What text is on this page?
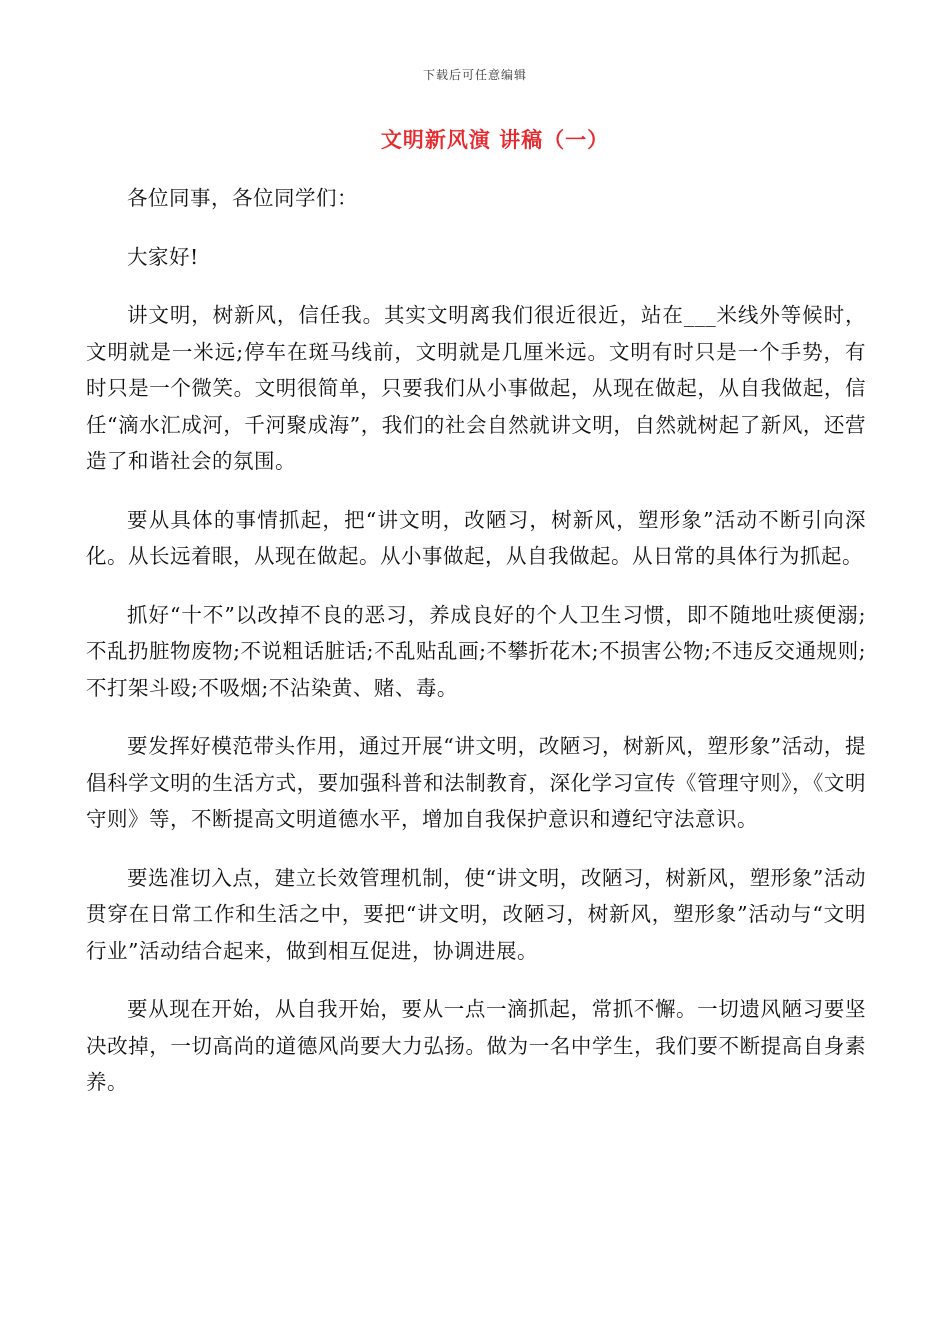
下载后可任意编辑
文明新风演 讲稿（一）

各位同事，各位同学们：

大家好!

讲文明，树新风，信任我。其实文明离我们很近很近，站在___米线外等候时，文明就是一米远;停车在斑马线前，文明就是几厘米远。文明有时只是一个手势，有时只是一个微笑。文明很简单，只要我们从小事做起，从现在做起，从自我做起，信任“滴水汇成河，千河聚成海”，我们的社会自然就讲文明，自然就树起了新风，还营造了和谐社会的氛围。

要从具体的事情抓起，把“讲文明，改陋习，树新风，塑形象”活动不断引向深化。从长远着眼，从现在做起。从小事做起，从自我做起。从日常的具体行为抓起。

抓好“十不”以改掉不良的恶习，养成良好的个人卫生习惯，即不随地吐痰便溺;不乱扔脏物废物;不说粗话脏话;不乱贴乱画;不攀折花木;不损害公物;不违反交通规则;不打架斗殴;不吸烟;不沾染黄、赌、毒。

要发挥好模范带头作用，通过开展“讲文明，改陋习，树新风，塑形象”活动，提倡科学文明的生活方式，要加强科普和法制教育，深化学习宣传《管理守则》，《文明守则》等，不断提高文明道德水平，增加自我保护意识和遵纪守法意识。

要选准切入点，建立长效管理机制，使“讲文明，改陋习，树新风，塑形象”活动贯穿在日常工作和生活之中，要把“讲文明，改陋习，树新风，塑形象”活动与“文明行业”活动结合起来，做到相互促进，协调进展。

要从现在开始，从自我开始，要从一点一滴抓起，常抓不懈。一切遗风陋习要坚决改掉，一切高尚的道德风尚要大力弘扬。做为一名中学生，我们要不断提高自身素养。
